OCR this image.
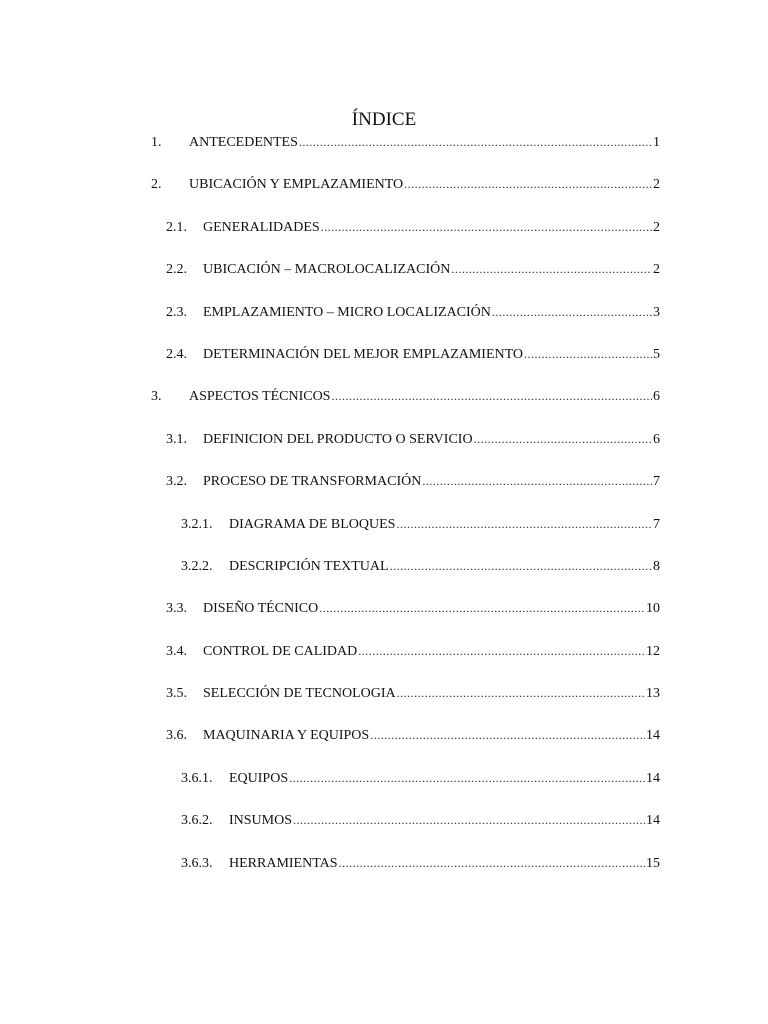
ÍNDICE
1.	ANTECEDENTES .....	1
2.	UBICACIÓN Y EMPLAZAMIENTO .....	2
2.1.	GENERALIDADES .....	2
2.2.	UBICACIÓN – MACROLOCALIZACIÓN .....	2
2.3.	EMPLAZAMIENTO – MICRO LOCALIZACIÓN .....	3
2.4.	DETERMINACIÓN DEL MEJOR EMPLAZAMIENTO .....	5
3.	ASPECTOS TÉCNICOS .....	6
3.1.	DEFINICION DEL PRODUCTO O SERVICIO .....	6
3.2.	PROCESO DE TRANSFORMACIÓN .....	7
3.2.1.	DIAGRAMA DE BLOQUES .....	7
3.2.2.	DESCRIPCIÓN TEXTUAL .....	8
3.3.	DISEÑO TÉCNICO .....	10
3.4.	CONTROL DE CALIDAD .....	12
3.5.	SELECCIÓN DE TECNOLOGIA .....	13
3.6.	MAQUINARIA Y EQUIPOS .....	14
3.6.1.	EQUIPOS .....	14
3.6.2.	INSUMOS .....	14
3.6.3.	HERRAMIENTAS .....	15
